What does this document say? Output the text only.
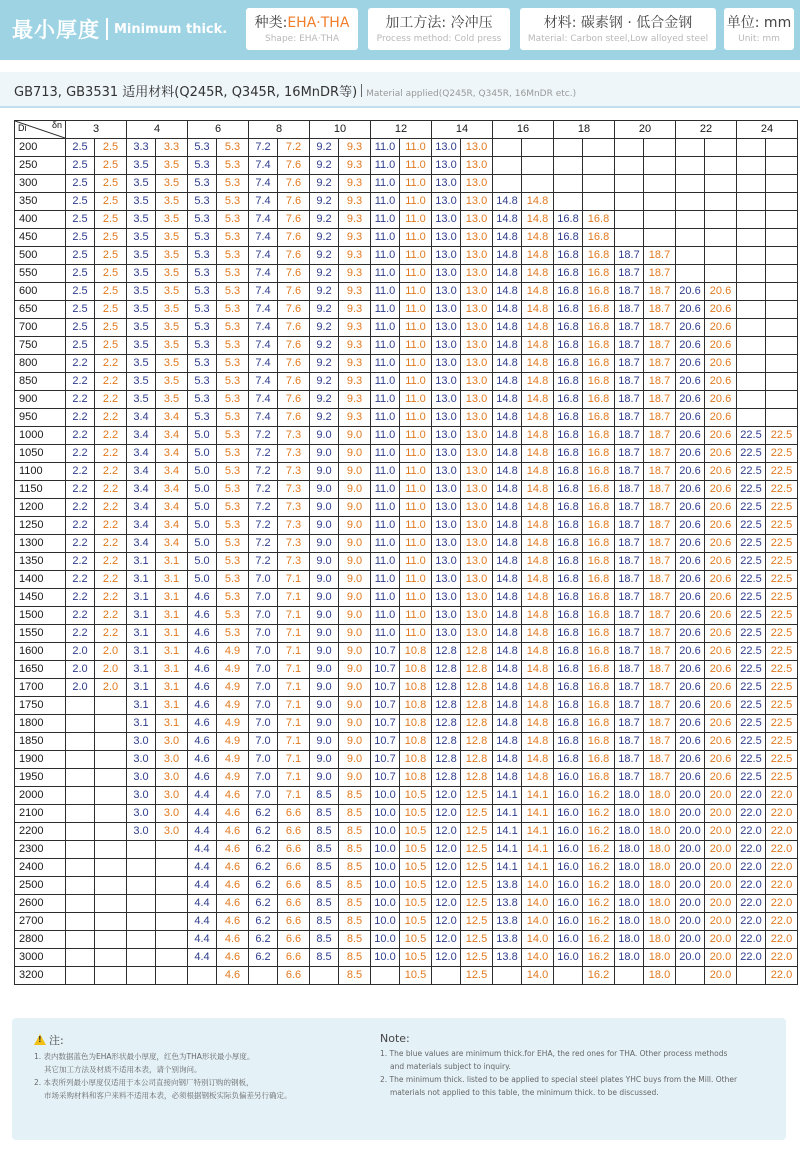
最小厚度 Minimum thick.	种类:EHA·THA
Shape: EHA·THA
加工方法: 冷冲压
Process method: Cold press
材料: 碳素钢 · 低合金钢
Material: Carbon steel,Low alloyed steel
单位: mm
Unit: mm
GB713, GB3531 适用材料(Q245R, Q345R, 16MnDR等) Material applied(Q245R, Q345R, 16MnDR etc.)
δn
Di	3		4		6		8		10		12		14		16		18		20		22		24	
200	2.5	2.5	3.3	3.3	5.3	5.3	7.2	7.2	9.2	9.3	11.0	11.0	13.0	13.0										
250	2.5	2.5	3.5	3.5	5.3	5.3	7.4	7.6	9.2	9.3	11.0	11.0	13.0	13.0										
300	2.5	2.5	3.5	3.5	5.3	5.3	7.4	7.6	9.2	9.3	11.0	11.0	13.0	13.0										
350	2.5	2.5	3.5	3.5	5.3	5.3	7.4	7.6	9.2	9.3	11.0	11.0	13.0	13.0	14.8	14.8								
400	2.5	2.5	3.5	3.5	5.3	5.3	7.4	7.6	9.2	9.3	11.0	11.0	13.0	13.0	14.8	14.8	16.8	16.8						
450	2.5	2.5	3.5	3.5	5.3	5.3	7.4	7.6	9.2	9.3	11.0	11.0	13.0	13.0	14.8	14.8	16.8	16.8						
500	2.5	2.5	3.5	3.5	5.3	5.3	7.4	7.6	9.2	9.3	11.0	11.0	13.0	13.0	14.8	14.8	16.8	16.8	18.7	18.7				
550	2.5	2.5	3.5	3.5	5.3	5.3	7.4	7.6	9.2	9.3	11.0	11.0	13.0	13.0	14.8	14.8	16.8	16.8	18.7	18.7				
600	2.5	2.5	3.5	3.5	5.3	5.3	7.4	7.6	9.2	9.3	11.0	11.0	13.0	13.0	14.8	14.8	16.8	16.8	18.7	18.7	20.6	20.6		
650	2.5	2.5	3.5	3.5	5.3	5.3	7.4	7.6	9.2	9.3	11.0	11.0	13.0	13.0	14.8	14.8	16.8	16.8	18.7	18.7	20.6	20.6		
700	2.5	2.5	3.5	3.5	5.3	5.3	7.4	7.6	9.2	9.3	11.0	11.0	13.0	13.0	14.8	14.8	16.8	16.8	18.7	18.7	20.6	20.6		
750	2.5	2.5	3.5	3.5	5.3	5.3	7.4	7.6	9.2	9.3	11.0	11.0	13.0	13.0	14.8	14.8	16.8	16.8	18.7	18.7	20.6	20.6		
800	2.2	2.2	3.5	3.5	5.3	5.3	7.4	7.6	9.2	9.3	11.0	11.0	13.0	13.0	14.8	14.8	16.8	16.8	18.7	18.7	20.6	20.6		
850	2.2	2.2	3.5	3.5	5.3	5.3	7.4	7.6	9.2	9.3	11.0	11.0	13.0	13.0	14.8	14.8	16.8	16.8	18.7	18.7	20.6	20.6		
900	2.2	2.2	3.5	3.5	5.3	5.3	7.4	7.6	9.2	9.3	11.0	11.0	13.0	13.0	14.8	14.8	16.8	16.8	18.7	18.7	20.6	20.6		
950	2.2	2.2	3.4	3.4	5.3	5.3	7.4	7.6	9.2	9.3	11.0	11.0	13.0	13.0	14.8	14.8	16.8	16.8	18.7	18.7	20.6	20.6		
1000	2.2	2.2	3.4	3.4	5.0	5.3	7.2	7.3	9.0	9.0	11.0	11.0	13.0	13.0	14.8	14.8	16.8	16.8	18.7	18.7	20.6	20.6	22.5	22.5
1050	2.2	2.2	3.4	3.4	5.0	5.3	7.2	7.3	9.0	9.0	11.0	11.0	13.0	13.0	14.8	14.8	16.8	16.8	18.7	18.7	20.6	20.6	22.5	22.5
1100	2.2	2.2	3.4	3.4	5.0	5.3	7.2	7.3	9.0	9.0	11.0	11.0	13.0	13.0	14.8	14.8	16.8	16.8	18.7	18.7	20.6	20.6	22.5	22.5
1150	2.2	2.2	3.4	3.4	5.0	5.3	7.2	7.3	9.0	9.0	11.0	11.0	13.0	13.0	14.8	14.8	16.8	16.8	18.7	18.7	20.6	20.6	22.5	22.5
1200	2.2	2.2	3.4	3.4	5.0	5.3	7.2	7.3	9.0	9.0	11.0	11.0	13.0	13.0	14.8	14.8	16.8	16.8	18.7	18.7	20.6	20.6	22.5	22.5
1250	2.2	2.2	3.4	3.4	5.0	5.3	7.2	7.3	9.0	9.0	11.0	11.0	13.0	13.0	14.8	14.8	16.8	16.8	18.7	18.7	20.6	20.6	22.5	22.5
1300	2.2	2.2	3.4	3.4	5.0	5.3	7.2	7.3	9.0	9.0	11.0	11.0	13.0	13.0	14.8	14.8	16.8	16.8	18.7	18.7	20.6	20.6	22.5	22.5
1350	2.2	2.2	3.1	3.1	5.0	5.3	7.2	7.3	9.0	9.0	11.0	11.0	13.0	13.0	14.8	14.8	16.8	16.8	18.7	18.7	20.6	20.6	22.5	22.5
1400	2.2	2.2	3.1	3.1	5.0	5.3	7.0	7.1	9.0	9.0	11.0	11.0	13.0	13.0	14.8	14.8	16.8	16.8	18.7	18.7	20.6	20.6	22.5	22.5
1450	2.2	2.2	3.1	3.1	4.6	5.3	7.0	7.1	9.0	9.0	11.0	11.0	13.0	13.0	14.8	14.8	16.8	16.8	18.7	18.7	20.6	20.6	22.5	22.5
1500	2.2	2.2	3.1	3.1	4.6	5.3	7.0	7.1	9.0	9.0	11.0	11.0	13.0	13.0	14.8	14.8	16.8	16.8	18.7	18.7	20.6	20.6	22.5	22.5
1550	2.2	2.2	3.1	3.1	4.6	5.3	7.0	7.1	9.0	9.0	11.0	11.0	13.0	13.0	14.8	14.8	16.8	16.8	18.7	18.7	20.6	20.6	22.5	22.5
1600	2.0	2.0	3.1	3.1	4.6	4.9	7.0	7.1	9.0	9.0	10.7	10.8	12.8	12.8	14.8	14.8	16.8	16.8	18.7	18.7	20.6	20.6	22.5	22.5
1650	2.0	2.0	3.1	3.1	4.6	4.9	7.0	7.1	9.0	9.0	10.7	10.8	12.8	12.8	14.8	14.8	16.8	16.8	18.7	18.7	20.6	20.6	22.5	22.5
1700	2.0	2.0	3.1	3.1	4.6	4.9	7.0	7.1	9.0	9.0	10.7	10.8	12.8	12.8	14.8	14.8	16.8	16.8	18.7	18.7	20.6	20.6	22.5	22.5
1750			3.1	3.1	4.6	4.9	7.0	7.1	9.0	9.0	10.7	10.8	12.8	12.8	14.8	14.8	16.8	16.8	18.7	18.7	20.6	20.6	22.5	22.5
1800			3.1	3.1	4.6	4.9	7.0	7.1	9.0	9.0	10.7	10.8	12.8	12.8	14.8	14.8	16.8	16.8	18.7	18.7	20.6	20.6	22.5	22.5
1850			3.0	3.0	4.6	4.9	7.0	7.1	9.0	9.0	10.7	10.8	12.8	12.8	14.8	14.8	16.8	16.8	18.7	18.7	20.6	20.6	22.5	22.5
1900			3.0	3.0	4.6	4.9	7.0	7.1	9.0	9.0	10.7	10.8	12.8	12.8	14.8	14.8	16.8	16.8	18.7	18.7	20.6	20.6	22.5	22.5
1950			3.0	3.0	4.6	4.9	7.0	7.1	9.0	9.0	10.7	10.8	12.8	12.8	14.8	14.8	16.0	16.8	18.7	18.7	20.6	20.6	22.5	22.5
2000			3.0	3.0	4.4	4.6	7.0	7.1	8.5	8.5	10.0	10.5	12.0	12.5	14.1	14.1	16.0	16.2	18.0	18.0	20.0	20.0	22.0	22.0
2100			3.0	3.0	4.4	4.6	6.2	6.6	8.5	8.5	10.0	10.5	12.0	12.5	14.1	14.1	16.0	16.2	18.0	18.0	20.0	20.0	22.0	22.0
2200			3.0	3.0	4.4	4.6	6.2	6.6	8.5	8.5	10.0	10.5	12.0	12.5	14.1	14.1	16.0	16.2	18.0	18.0	20.0	20.0	22.0	22.0
2300					4.4	4.6	6.2	6.6	8.5	8.5	10.0	10.5	12.0	12.5	14.1	14.1	16.0	16.2	18.0	18.0	20.0	20.0	22.0	22.0
2400					4.4	4.6	6.2	6.6	8.5	8.5	10.0	10.5	12.0	12.5	14.1	14.1	16.0	16.2	18.0	18.0	20.0	20.0	22.0	22.0
2500					4.4	4.6	6.2	6.6	8.5	8.5	10.0	10.5	12.0	12.5	13.8	14.0	16.0	16.2	18.0	18.0	20.0	20.0	22.0	22.0
2600					4.4	4.6	6.2	6.6	8.5	8.5	10.0	10.5	12.0	12.5	13.8	14.0	16.0	16.2	18.0	18.0	20.0	20.0	22.0	22.0
2700					4.4	4.6	6.2	6.6	8.5	8.5	10.0	10.5	12.0	12.5	13.8	14.0	16.0	16.2	18.0	18.0	20.0	20.0	22.0	22.0
2800					4.4	4.6	6.2	6.6	8.5	8.5	10.0	10.5	12.0	12.5	13.8	14.0	16.0	16.2	18.0	18.0	20.0	20.0	22.0	22.0
3000					4.4	4.6	6.2	6.6	8.5	8.5	10.0	10.5	12.0	12.5	13.8	14.0	16.0	16.2	18.0	18.0	20.0	20.0	22.0	22.0
3200						4.6		6.6		8.5		10.5		12.5		14.0		16.2		18.0		20.0		22.0
! 注:
1. 表内数据蓝色为EHA形状最小厚度，红色为THA形状最小厚度。
其它加工方法及材质不适用本表，请个别询问。
2. 本表所列最小厚度仅适用于本公司直接向钢厂特别订购的钢板，
市场采购材料和客户来料不适用本表，必须根据钢板实际负偏差另行确定。
Note:
1. The blue values are minimum thick.for EHA, the red ones for THA. Other process methods
and materials subject to inquiry.
2. The minimum thick. listed to be applied to special steel plates YHC buys from the Mill. Other
materials not applied to this table, the minimum thick. to be discussed.
